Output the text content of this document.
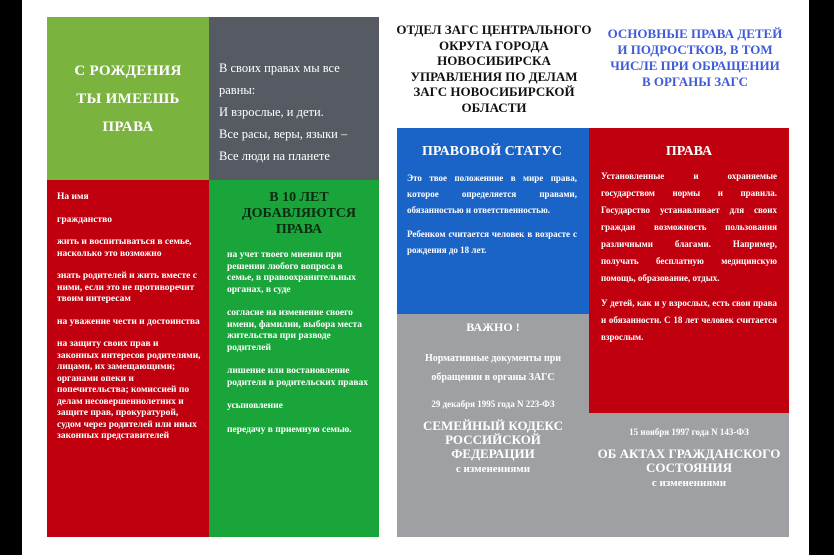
С РОЖДЕНИЯ
ТЫ ИМЕЕШЬ
ПРАВА
В своих правах мы все равны:
И взрослые, и дети.
Все расы, веры, языки –
Все люди на планете

На имя

гражданство

жить и воспитываться в семье, насколько это возможно

знать родителей и жить вместе с ними, если это не противоречит твоим интересам

на уважение чести и достоинства

на защиту своих прав и законных интересов родителями, лицами, их замещающими; органами опеки и попечительства; комиссией по делам несовершеннолетних и защите прав, прокуратурой, судом через родителей или иных законных представителей

В 10 ЛЕТ ДОБАВЛЯЮТСЯ ПРАВА

на учет твоего мнения при решении любого вопроса в семье, в правоохранительных органах, в суде

согласие на изменение своего имени, фамилии, выбора места жительства при разводе родителей

лишение или востановление родителя в родительских правах

усыновление

передачу в приемную семью.

ОТДЕЛ ЗАГС ЦЕНТРАЛЬНОГО ОКРУГА ГОРОДА НОВОСИБИРСКА УПРАВЛЕНИЯ ПО ДЕЛАМ ЗАГС НОВОСИБИРСКОЙ ОБЛАСТИ
ОСНОВНЫЕ ПРАВА ДЕТЕЙ И ПОДРОСТКОВ, В ТОМ ЧИСЛЕ ПРИ ОБРАЩЕНИИ В ОРГАНЫ ЗАГС
ПРАВОВОЙ СТАТУС

Это твое положенние в мире права, которое определяется правами, обязанностью и ответственностью.

Ребенком считается человек в возрасте с рождения до 18 лет.

ПРАВА

Установленные и охраняемые государством нормы и правила. Государство устанавливает для своих граждан возможность пользования различными благами. Например, получать бесплатную медицинскую помощь, образование, отдых.

У детей, как и у взрослых, есть свои права и обязанности. С 18 лет человек считается взрослым.

ВАЖНО !
Нормативные документы при обращении в органы ЗАГС
29 декабря 1995 года N 223-ФЗ
СЕМЕЙНЫЙ КОДЕКС РОССИЙСКОЙ ФЕДЕРАЦИИ
с изменениями
15 ноября 1997 года N 143-ФЗ
ОБ АКТАХ ГРАЖДАНСКОГО СОСТОЯНИЯ
с изменениями
